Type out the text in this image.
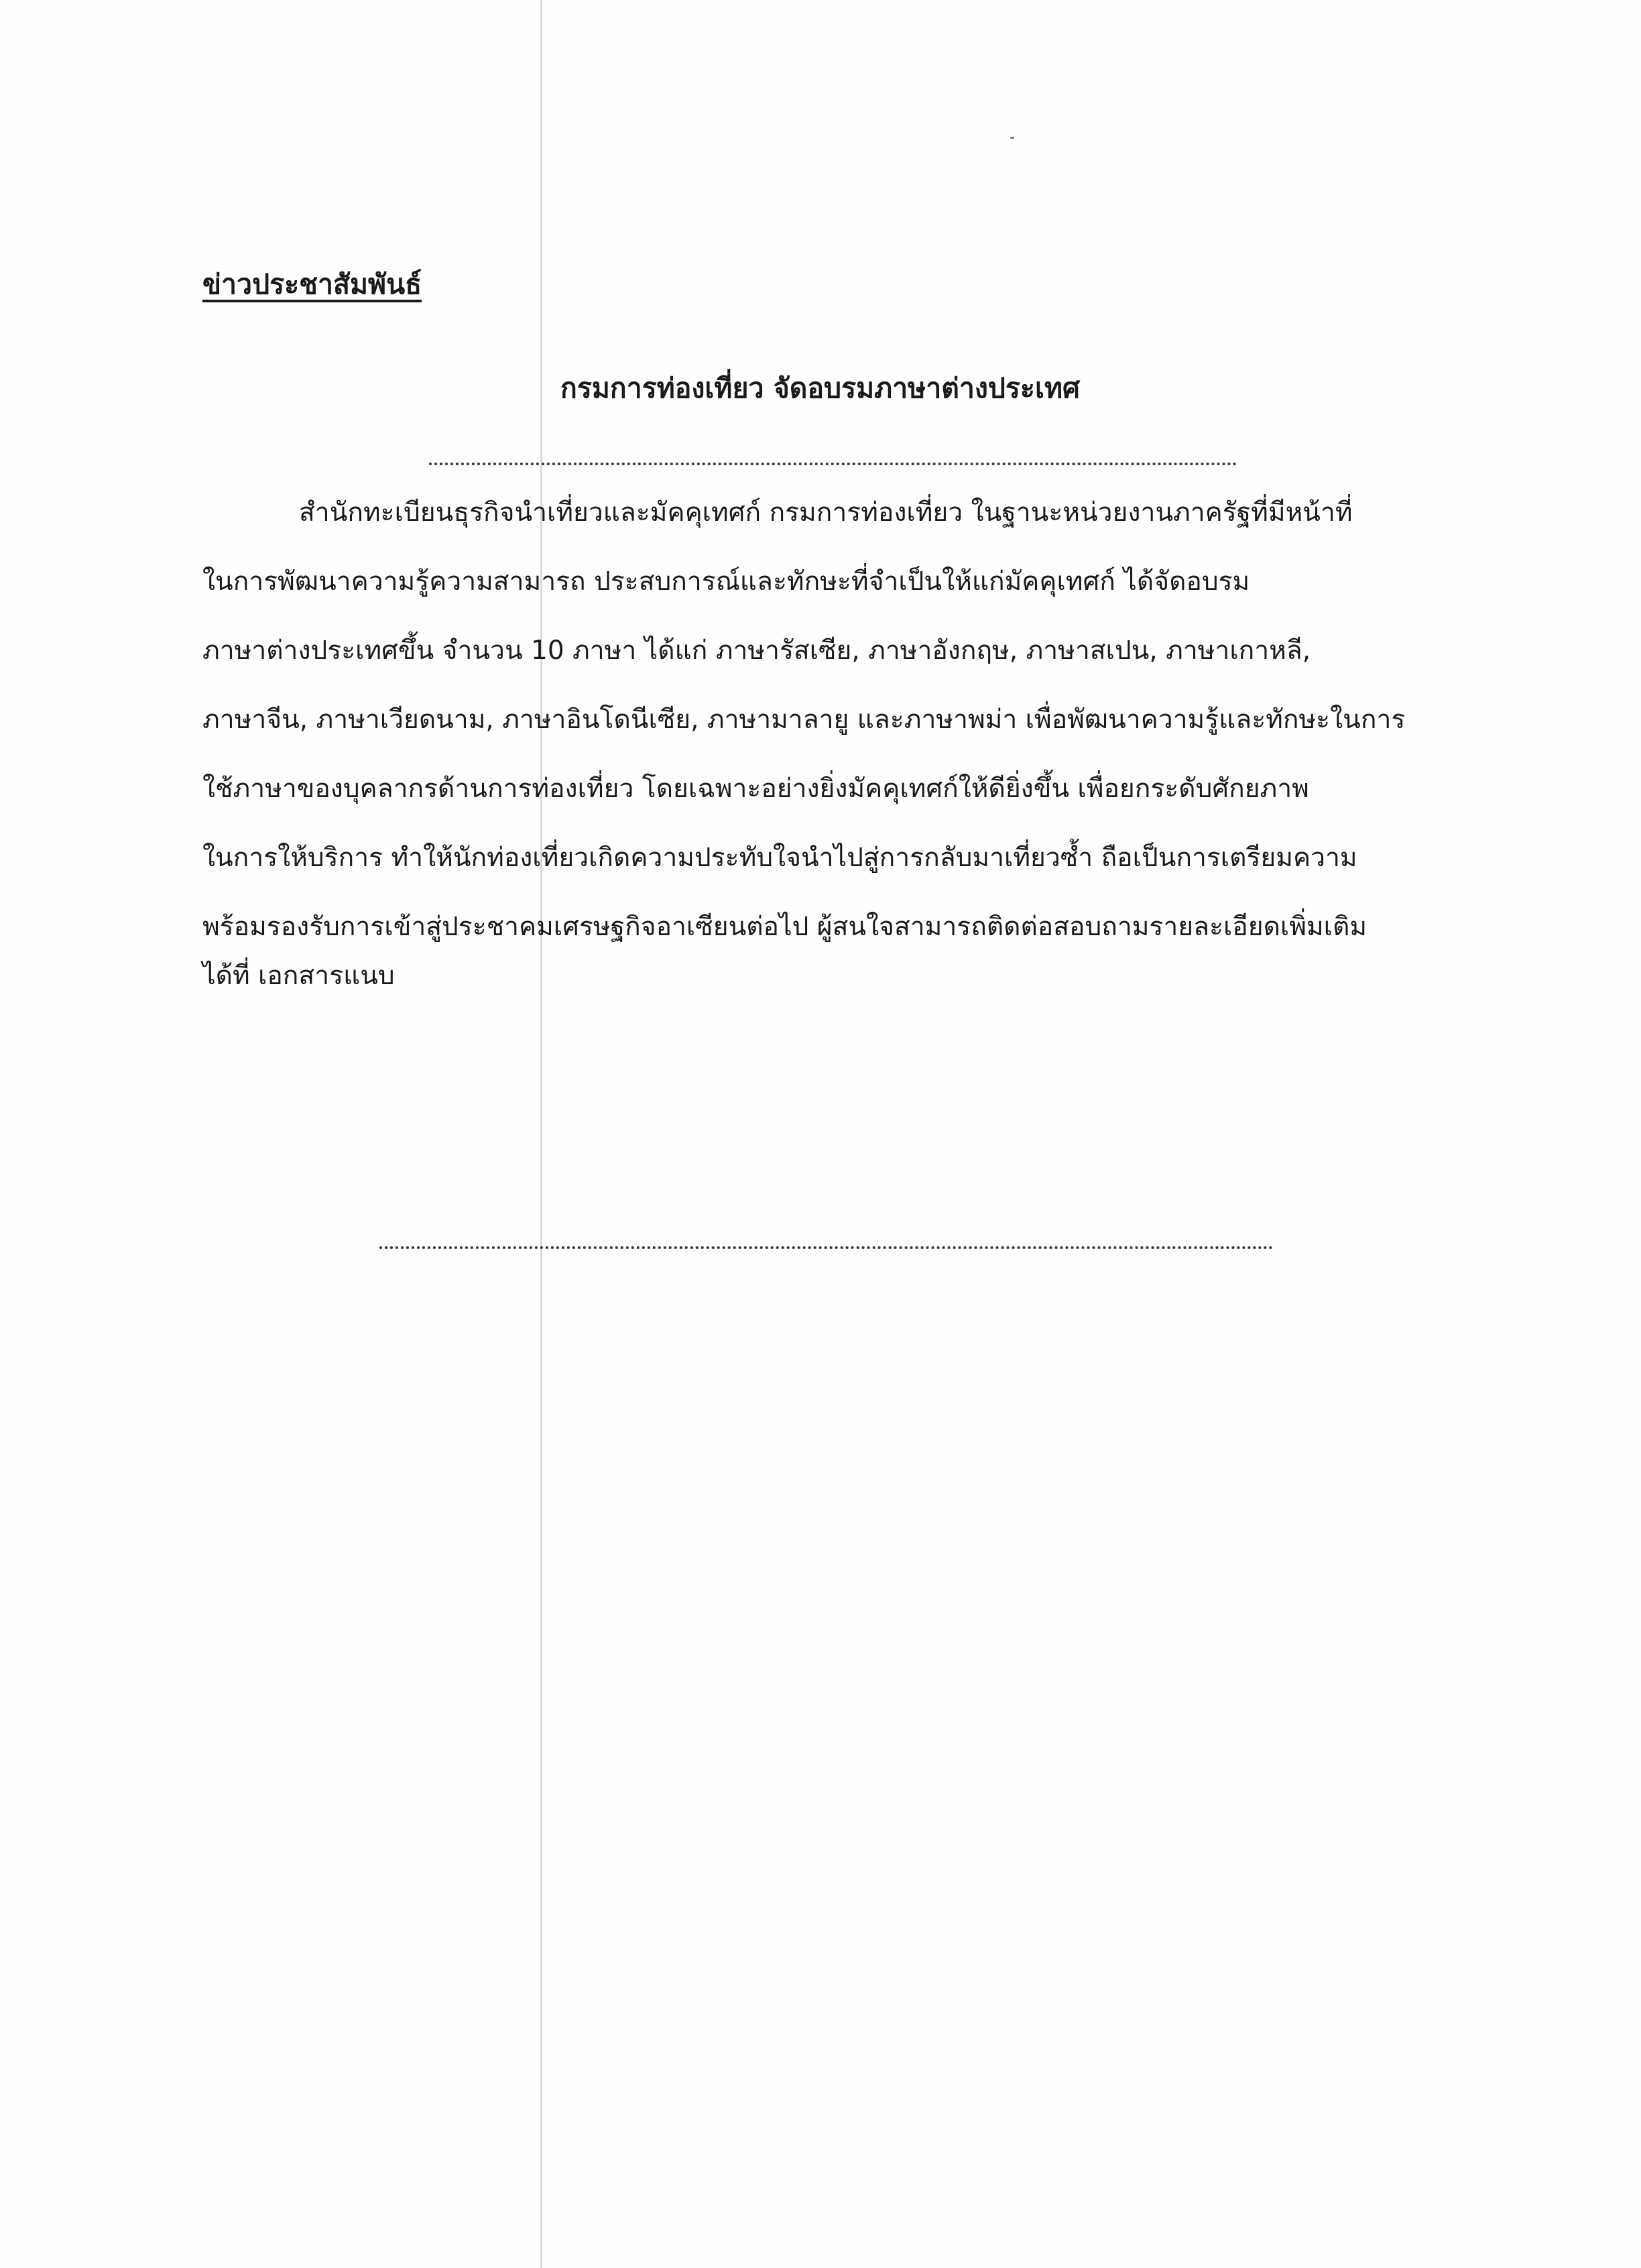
ข่าวประชาสัมพันธ์
กรมการท่องเที่ยว จัดอบรมภาษาต่างประเทศ
สำนักทะเบียนธุรกิจนำเที่ยวและมัคคุเทศก์ กรมการท่องเที่ยว ในฐานะหน่วยงานภาครัฐที่มีหน้าที่
ในการพัฒนาความรู้ความสามารถ ประสบการณ์และทักษะที่จำเป็นให้แก่มัคคุเทศก์ ได้จัดอบรม
ภาษาต่างประเทศขึ้น จำนวน 10 ภาษา ได้แก่ ภาษารัสเซีย, ภาษาอังกฤษ, ภาษาสเปน, ภาษาเกาหลี,
ภาษาจีน, ภาษาเวียดนาม, ภาษาอินโดนีเซีย, ภาษามาลายู และภาษาพม่า เพื่อพัฒนาความรู้และทักษะในการ
ใช้ภาษาของบุคลากรด้านการท่องเที่ยว โดยเฉพาะอย่างยิ่งมัคคุเทศก์ให้ดียิ่งขึ้น เพื่อยกระดับศักยภาพ
ในการให้บริการ ทำให้นักท่องเที่ยวเกิดความประทับใจนำไปสู่การกลับมาเที่ยวซ้ำ ถือเป็นการเตรียมความ
พร้อมรองรับการเข้าสู่ประชาคมเศรษฐกิจอาเซียนต่อไป ผู้สนใจสามารถติดต่อสอบถามรายละเอียดเพิ่มเติม
ได้ที่ เอกสารแนบ
